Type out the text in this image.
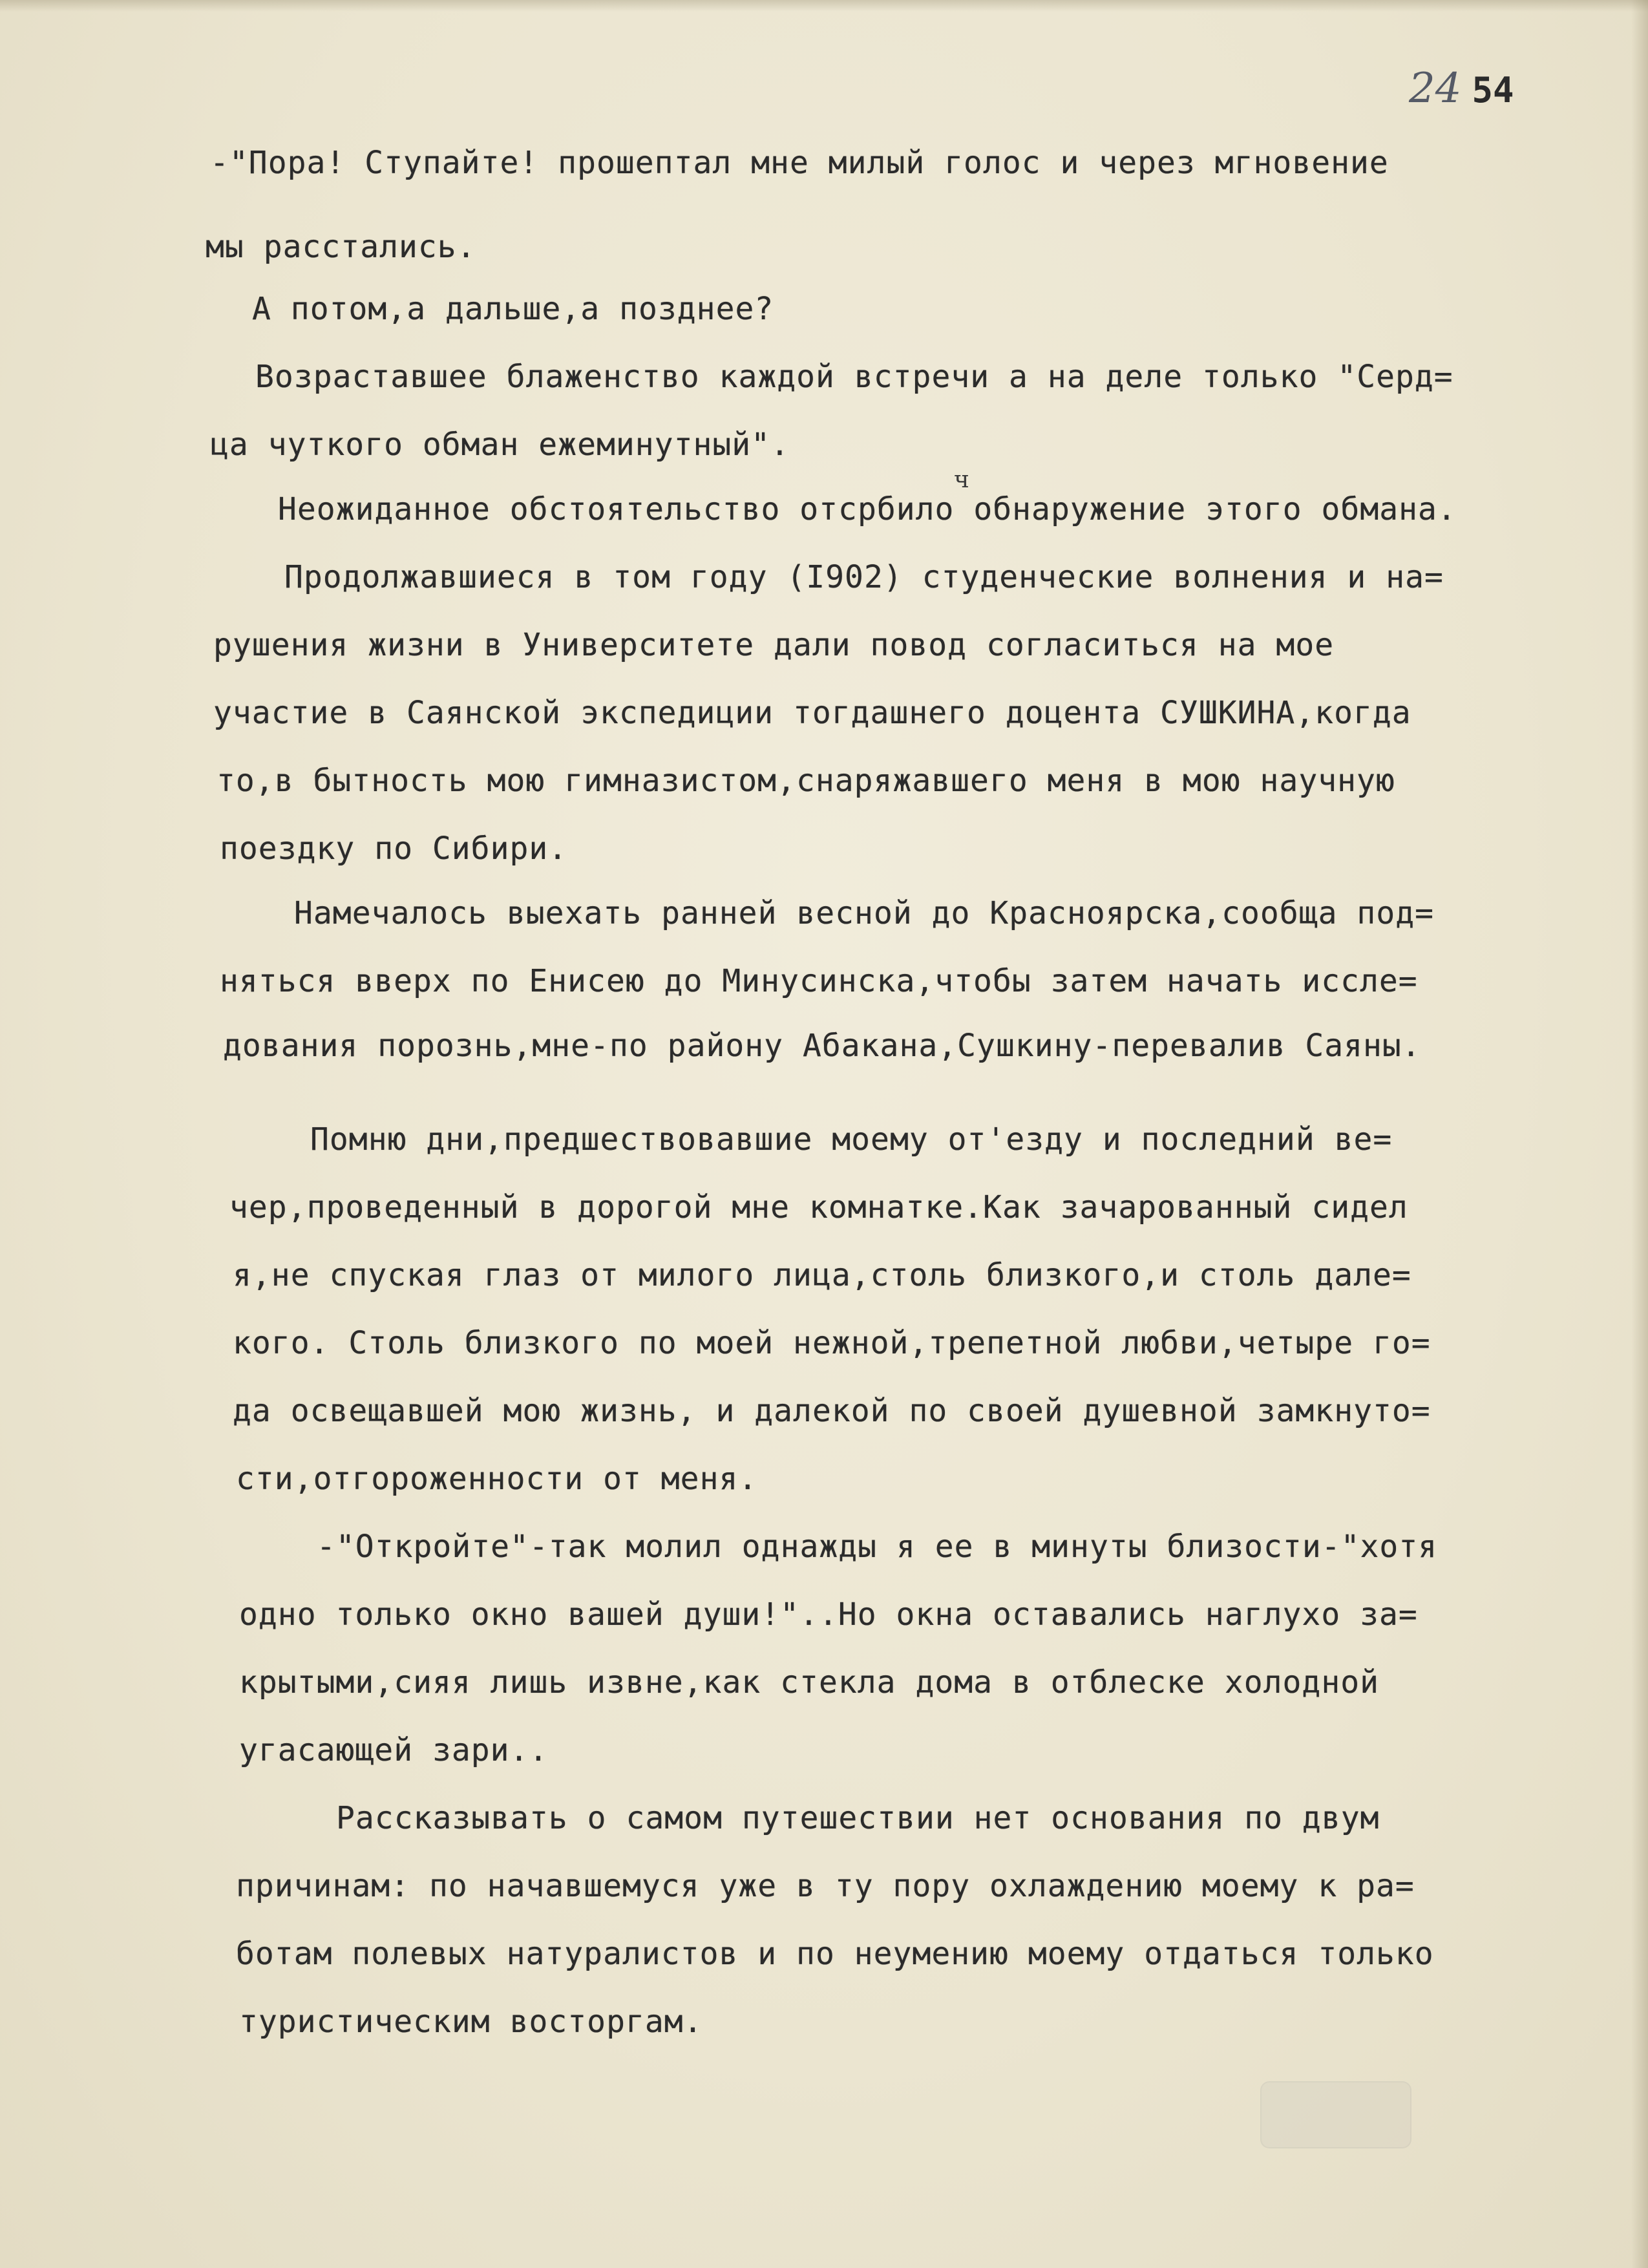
24 54
ч
-"Пора! Ступайте! прошептал мне милый голос и через мгновение
мы расстались.
А потом,а дальше,а позднее?
Возраставшее блаженство каждой встречи а на деле только "Серд=
ца чуткого обман ежеминутный".
Неожиданное обстоятельство отсрбило обнаружение этого обмана.
Продолжавшиеся в том году (I902) студенческие волнения и на=
рушения жизни в Университете дали повод согласиться на мое
участие в Саянской экспедиции тогдашнего доцента СУШКИНА,когда
то,в бытность мою гимназистом,снаряжавшего меня в мою научную
поездку по Сибири.
Намечалось выехать ранней весной до Красноярска,сообща под=
няться вверх по Енисею до Минусинска,чтобы затем начать иссле=
дования порознь,мне-по району Абакана,Сушкину-перевалив Саяны.
Помню дни,предшествовавшие моему от'езду и последний ве=
чер,проведенный в дорогой мне комнатке.Как зачарованный сидел
я,не спуская глаз от милого лица,столь близкого,и столь дале=
кого. Столь близкого по моей нежной,трепетной любви,четыре го=
да освещавшей мою жизнь, и далекой по своей душевной замкнуто=
сти,отгороженности от меня.
-"Откройте"-так молил однажды я ее в минуты близости-"хотя
одно только окно вашей души!"..Но окна оставались наглухо за=
крытыми,сияя лишь извне,как стекла дома в отблеске холодной
угасающей зари..
Рассказывать о самом путешествии нет основания по двум
причинам: по начавшемуся уже в ту пору охлаждению моему к ра=
ботам полевых натуралистов и по неумению моему отдаться только
туристическим восторгам.
